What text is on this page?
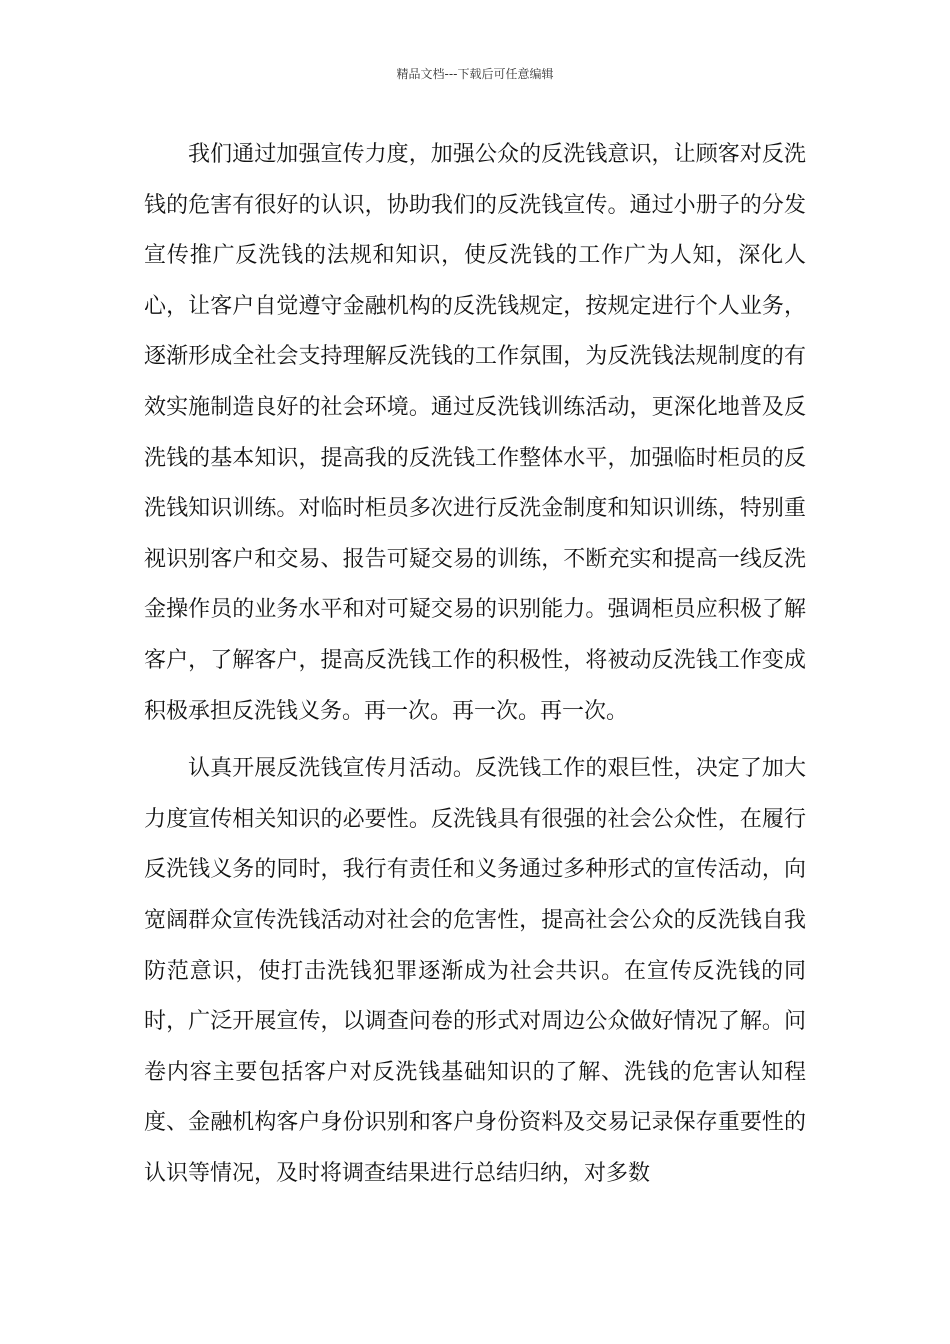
精品文档---下载后可任意编辑

我们通过加强宣传力度，加强公众的反洗钱意识，让顾客对反洗钱的危害有很好的认识，协助我们的反洗钱宣传。通过小册子的分发宣传推广反洗钱的法规和知识，使反洗钱的工作广为人知，深化人心，让客户自觉遵守金融机构的反洗钱规定，按规定进行个人业务，逐渐形成全社会支持理解反洗钱的工作氛围，为反洗钱法规制度的有效实施制造良好的社会环境。通过反洗钱训练活动，更深化地普及反洗钱的基本知识，提高我的反洗钱工作整体水平，加强临时柜员的反洗钱知识训练。对临时柜员多次进行反洗金制度和知识训练，特别重视识别客户和交易、报告可疑交易的训练，不断充实和提高一线反洗金操作员的业务水平和对可疑交易的识别能力。强调柜员应积极了解客户，了解客户，提高反洗钱工作的积极性，将被动反洗钱工作变成积极承担反洗钱义务。再一次。再一次。再一次。

认真开展反洗钱宣传月活动。反洗钱工作的艰巨性，决定了加大力度宣传相关知识的必要性。反洗钱具有很强的社会公众性，在履行反洗钱义务的同时，我行有责任和义务通过多种形式的宣传活动，向宽阔群众宣传洗钱活动对社会的危害性，提高社会公众的反洗钱自我防范意识，使打击洗钱犯罪逐渐成为社会共识。在宣传反洗钱的同时，广泛开展宣传，以调查问卷的形式对周边公众做好情况了解。问卷内容主要包括客户对反洗钱基础知识的了解、洗钱的危害认知程度、金融机构客户身份识别和客户身份资料及交易记录保存重要性的认识等情况，及时将调查结果进行总结归纳，对多数
